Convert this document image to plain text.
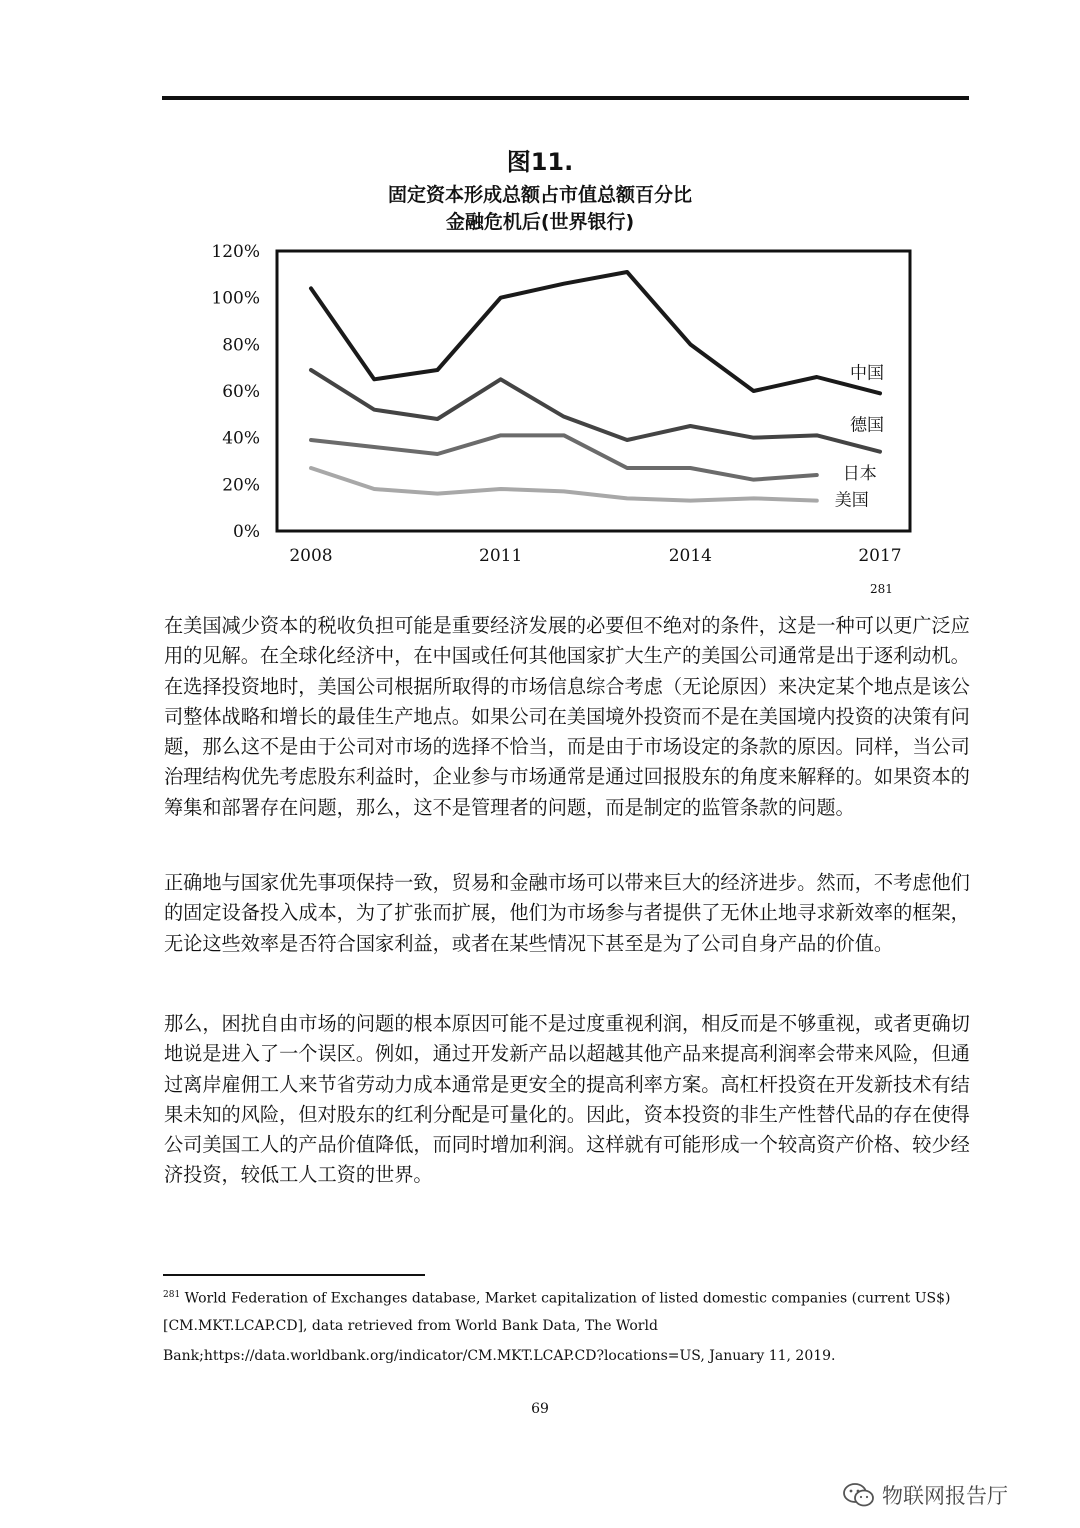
图11.
固定资本形成总额占市值总额百分比
金融危机后(世界银行)
0%
20%
40%
60%
80%
100%
120%
2008	2011	2014	2017
中国
德国
日本
美国
281
在美国减少资本的税收负担可能是重要经济发展的必要但不绝对的条件，这是一种可以更广泛应用的见解。在全球化经济中，在中国或任何其他国家扩大生产的美国公司通常是出于逐利动机。在选择投资地时，美国公司根据所取得的市场信息综合考虑（无论原因）来决定某个地点是该公司整体战略和增长的最佳生产地点。如果公司在美国境外投资而不是在美国境内投资的决策有问题，那么这不是由于公司对市场的选择不恰当，而是由于市场设定的条款的原因。同样，当公司治理结构优先考虑股东利益时，企业参与市场通常是通过回报股东的角度来解释的。如果资本的筹集和部署存在问题，那么，这不是管理者的问题，而是制定的监管条款的问题。
正确地与国家优先事项保持一致，贸易和金融市场可以带来巨大的经济进步。然而，不考虑他们的固定设备投入成本，为了扩张而扩展，他们为市场参与者提供了无休止地寻求新效率的框架，无论这些效率是否符合国家利益，或者在某些情况下甚至是为了公司自身产品的价值。
那么，困扰自由市场的问题的根本原因可能不是过度重视利润，相反而是不够重视，或者更确切地说是进入了一个误区。例如，通过开发新产品以超越其他产品来提高利润率会带来风险，但通过离岸雇佣工人来节省劳动力成本通常是更安全的提高利率方案。高杠杆投资在开发新技术有结果未知的风险，但对股东的红利分配是可量化的。因此，资本投资的非生产性替代品的存在使得公司美国工人的产品价值降低，而同时增加利润。这样就有可能形成一个较高资产价格、较少经济投资，较低工人工资的世界。
$^{281}$ World Federation of Exchanges database, Market capitalization of listed domestic companies (current US$)
[CM.MKT.LCAP.CD], data retrieved from World Bank Data, The World
Bank;https://data.worldbank.org/indicator/CM.MKT.LCAP.CD?locations=US, January 11, 2019.
69
物联网报告厅
